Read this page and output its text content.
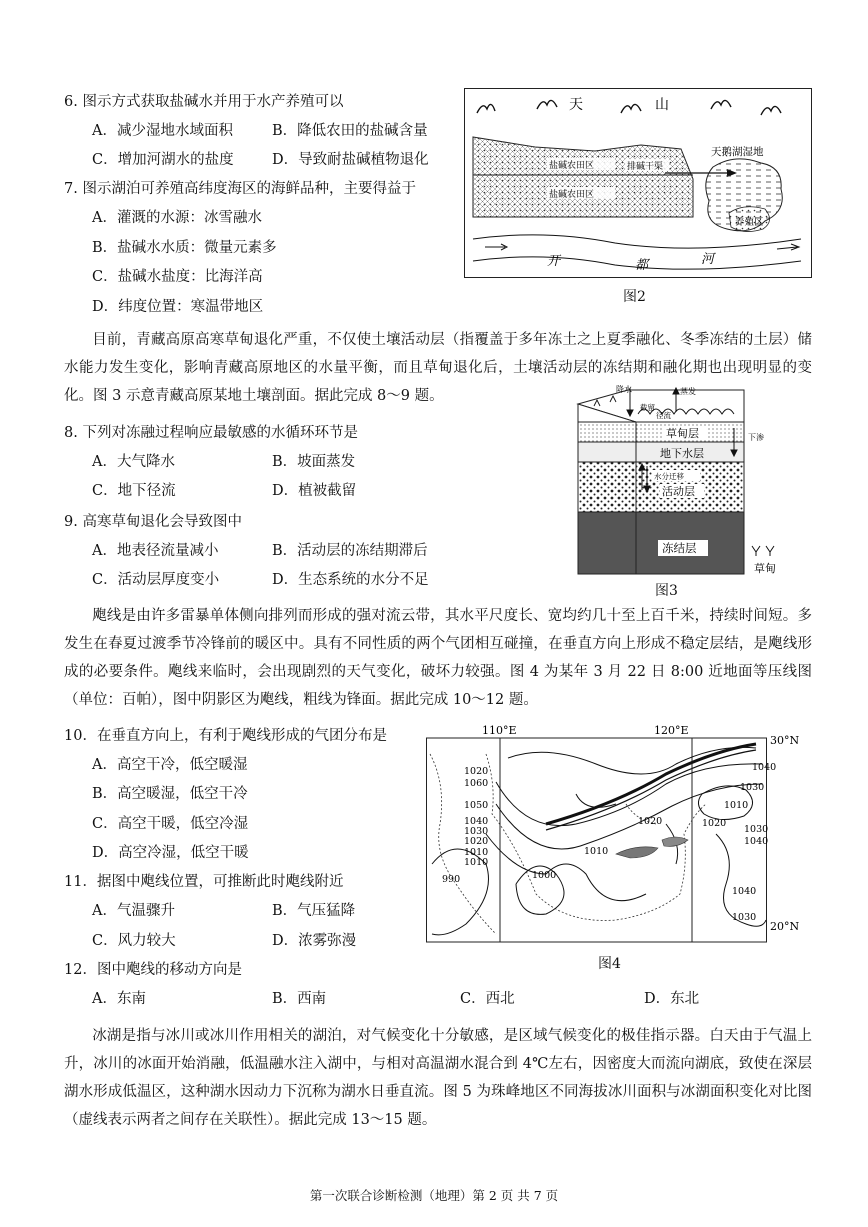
6. 图示方式获取盐碱水并用于水产养殖可以
A．减少湿地水域面积	B．降低农田的盐碱含量
C．增加河湖水的盐度	D．导致耐盐碱植物退化
7. 图示湖泊可养殖高纬度海区的海鲜品种，主要得益于
A．灌溉的水源：冰雪融水
B．盐碱水水质：微量元素多
C．盐碱水盐度：比海洋高
D．纬度位置：寒温带地区
天	山
盐碱农田区	排碱干渠
盐碱农田区
天鹅湖湿地
养殖区
开	都	河
图2
目前，青藏高原高寒草甸退化严重，不仅使土壤活动层（指覆盖于多年冻土之上夏季融化、冬季冻结的土层）储水能力发生变化，影响青藏高原地区的水量平衡，而且草甸退化后，土壤活动层的冻结期和融化期也出现明显的变化。图 3 示意青藏高原某地土壤剖面。据此完成 8～9 题。
8. 下列对冻融过程响应最敏感的水循环环节是
A．大气降水	B．坡面蒸发
C．地下径流	D．植被截留
9. 高寒草甸退化会导致图中
A．地表径流量减小	B．活动层的冻结期滞后
C．活动层厚度变小	D．生态系统的水分不足
降水	蒸发
截留
径流
草甸层	下渗
地下水层
水分迁移
活动层
冻结层
草甸
图3
飑线是由许多雷暴单体侧向排列而形成的强对流云带，其水平尺度长、宽均约几十至上百千米，持续时间短。多发生在春夏过渡季节冷锋前的暖区中。具有不同性质的两个气团相互碰撞，在垂直方向上形成不稳定层结，是飑线形成的必要条件。飑线来临时，会出现剧烈的天气变化，破坏力较强。图 4 为某年 3 月 22 日 8:00 近地面等压线图（单位：百帕），图中阴影区为飑线，粗线为锋面。据此完成 10～12 题。
10．在垂直方向上，有利于飑线形成的气团分布是
A．高空干冷，低空暖湿
B．高空暖湿，低空干冷
C．高空干暖，低空冷湿
D．高空冷湿，低空干暖
11．据图中飑线位置，可推断此时飑线附近
A．气温骤升	B．气压猛降
C．风力较大	D．浓雾弥漫
12．图中飑线的移动方向是
A．东南	B．西南	C．西北	D．东北
110°E	120°E
30°N
20°N
1020
1060
1050
1040
1030
1020
1010
1010
990	1000
1010
1020
1040
1030
1010
1020
1030
1040
1040
1030
图4
冰湖是指与冰川或冰川作用相关的湖泊，对气候变化十分敏感，是区域气候变化的极佳指示器。白天由于气温上升，冰川的冰面开始消融，低温融水注入湖中，与相对高温湖水混合到 4℃左右，因密度大而流向湖底，致使在深层湖水形成低温区，这种湖水因动力下沉称为湖水日垂直流。图 5 为珠峰地区不同海拔冰川面积与冰湖面积变化对比图（虚线表示两者之间存在关联性）。据此完成 13～15 题。
第一次联合诊断检测（地理）第 2 页 共 7 页
